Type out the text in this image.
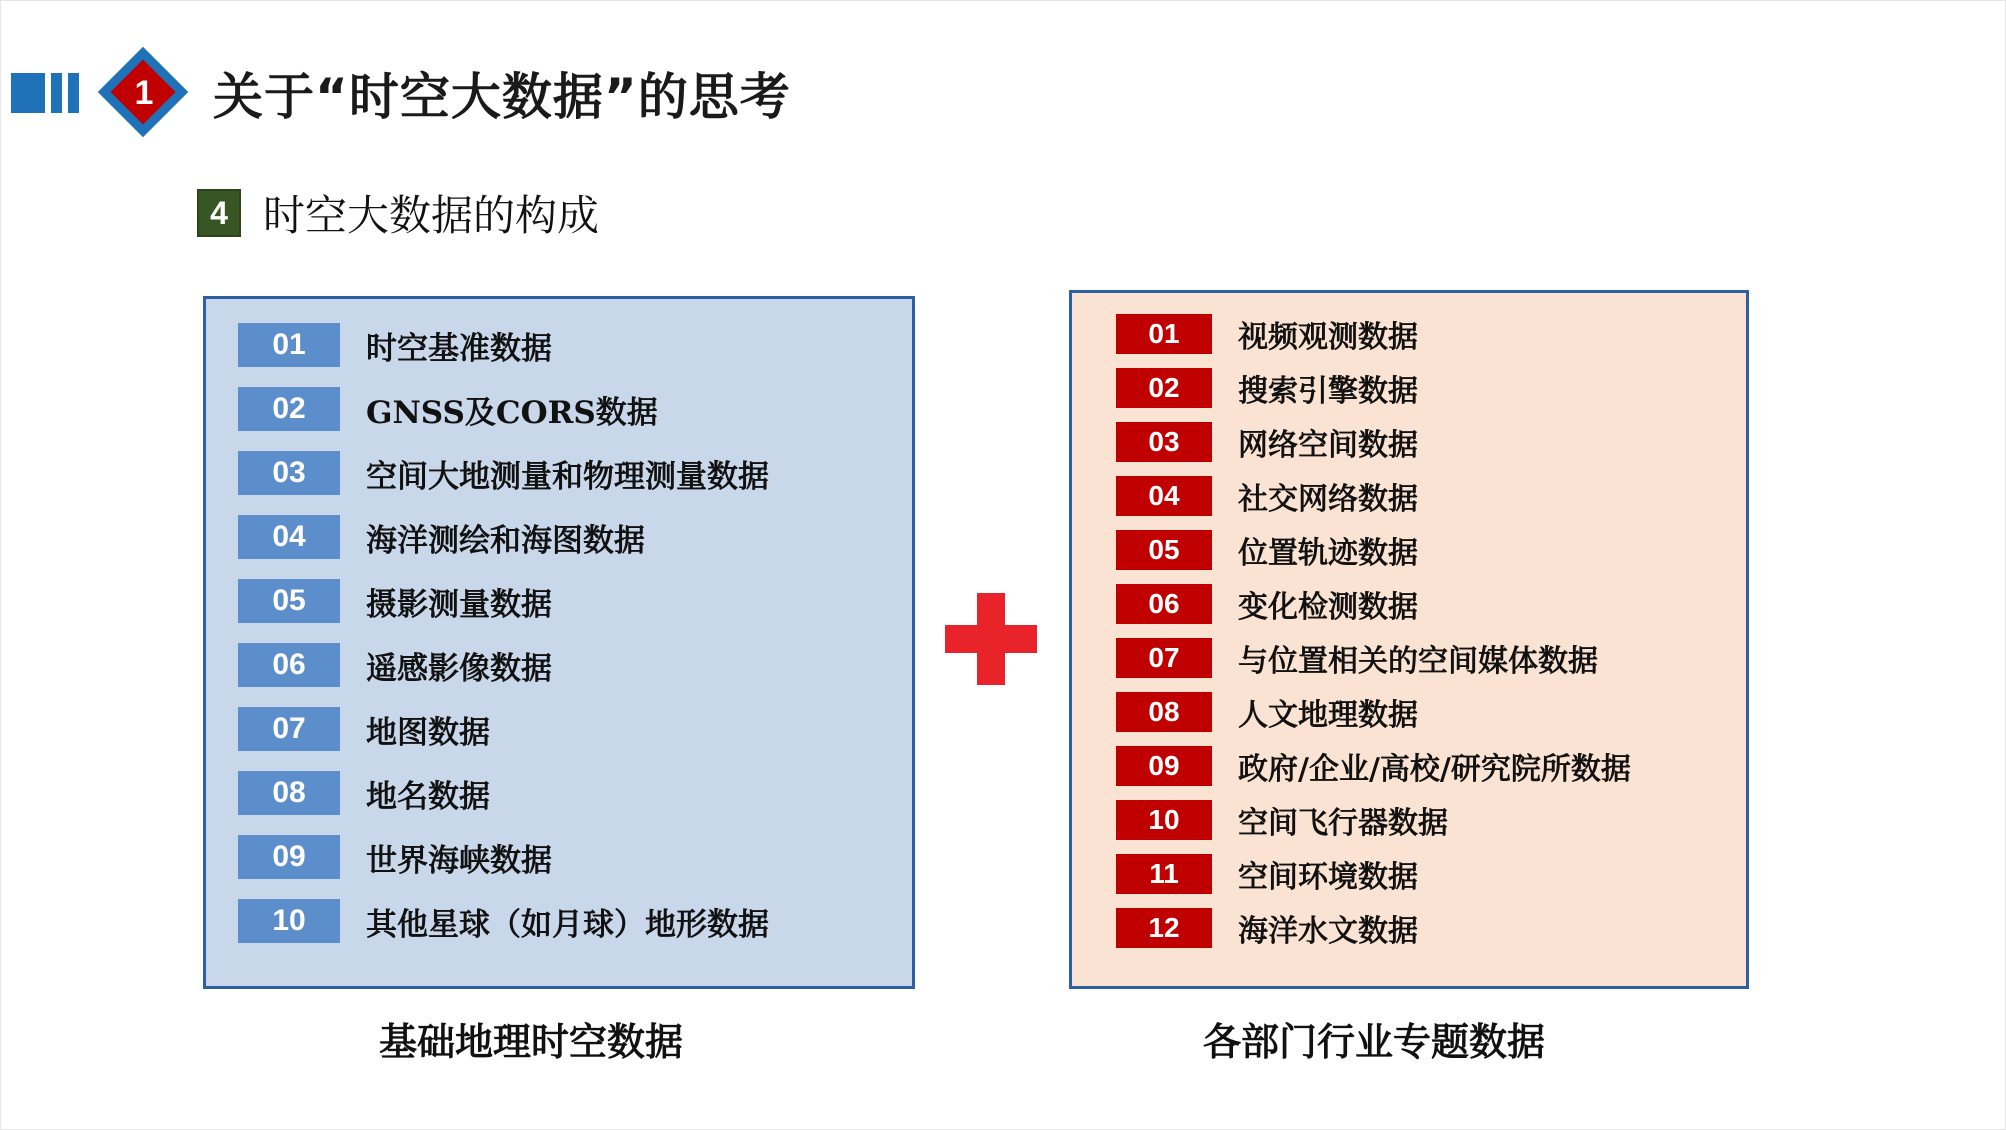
1 关于“时空大数据”的思考
4 时空大数据的构成
01	时空基准数据
02	GNSS及CORS数据
03	空间大地测量和物理测量数据
04	海洋测绘和海图数据
05	摄影测量数据
06	遥感影像数据
07	地图数据
08	地名数据
09	世界海峡数据
10	其他星球（如月球）地形数据
01	视频观测数据
02	搜索引擎数据
03	网络空间数据
04	社交网络数据
05	位置轨迹数据
06	变化检测数据
07	与位置相关的空间媒体数据
08	人文地理数据
09	政府/企业/高校/研究院所数据
10	空间飞行器数据
11	空间环境数据
12	海洋水文数据
基础地理时空数据	各部门行业专题数据
